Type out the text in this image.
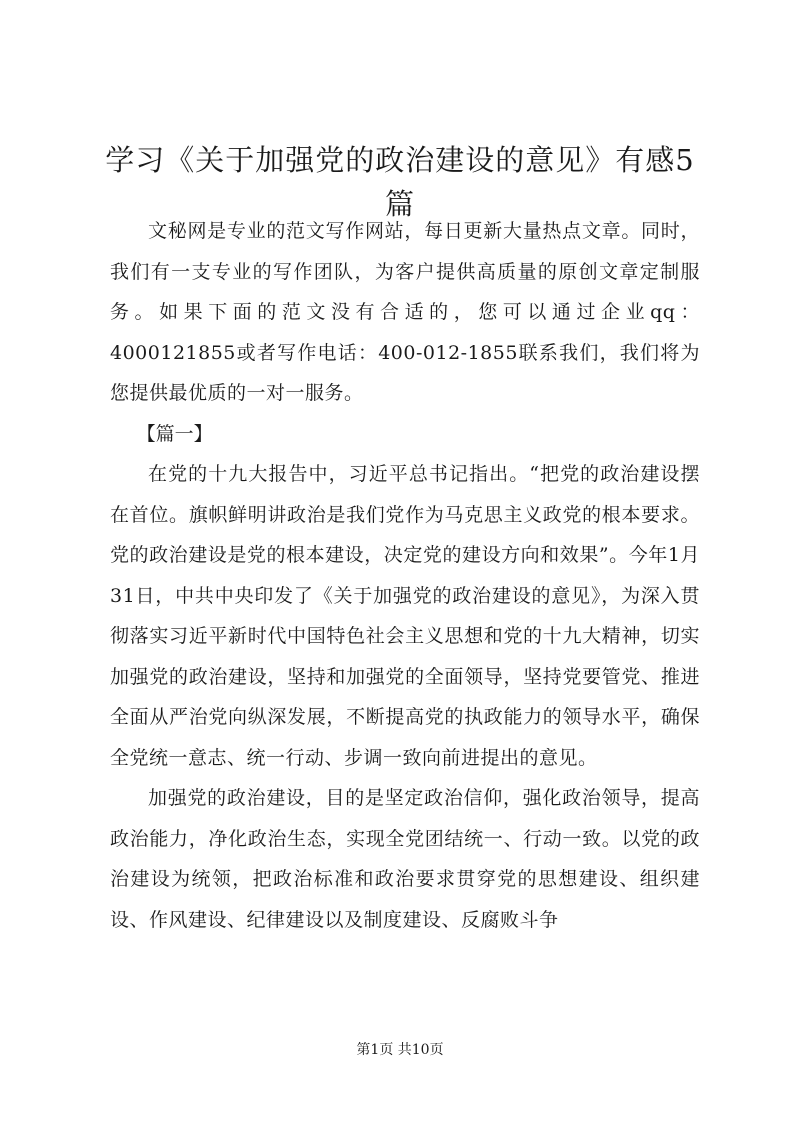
学习《关于加强党的政治建设的意见》有感5篇

文秘网是专业的范文写作网站，每日更新大量热点文章。同时，我们有一支专业的写作团队，为客户提供高质量的原创文章定制服务。如果下面的范文没有合适的，您可以通过企业qq：4000121855或者写作电话：400-012-1855联系我们，我们将为您提供最优质的一对一服务。

【篇一】

在党的十九大报告中，习近平总书记指出。“把党的政治建设摆在首位。旗帜鲜明讲政治是我们党作为马克思主义政党的根本要求。党的政治建设是党的根本建设，决定党的建设方向和效果”。今年1月31日，中共中央印发了《关于加强党的政治建设的意见》，为深入贯彻落实习近平新时代中国特色社会主义思想和党的十九大精神，切实加强党的政治建设，坚持和加强党的全面领导，坚持党要管党、推进全面从严治党向纵深发展，不断提高党的执政能力的领导水平，确保全党统一意志、统一行动、步调一致向前进提出的意见。

加强党的政治建设，目的是坚定政治信仰，强化政治领导，提高政治能力，净化政治生态，实现全党团结统一、行动一致。以党的政治建设为统领，把政治标准和政治要求贯穿党的思想建设、组织建设、作风建设、纪律建设以及制度建设、反腐败斗争

第1页 共10页
